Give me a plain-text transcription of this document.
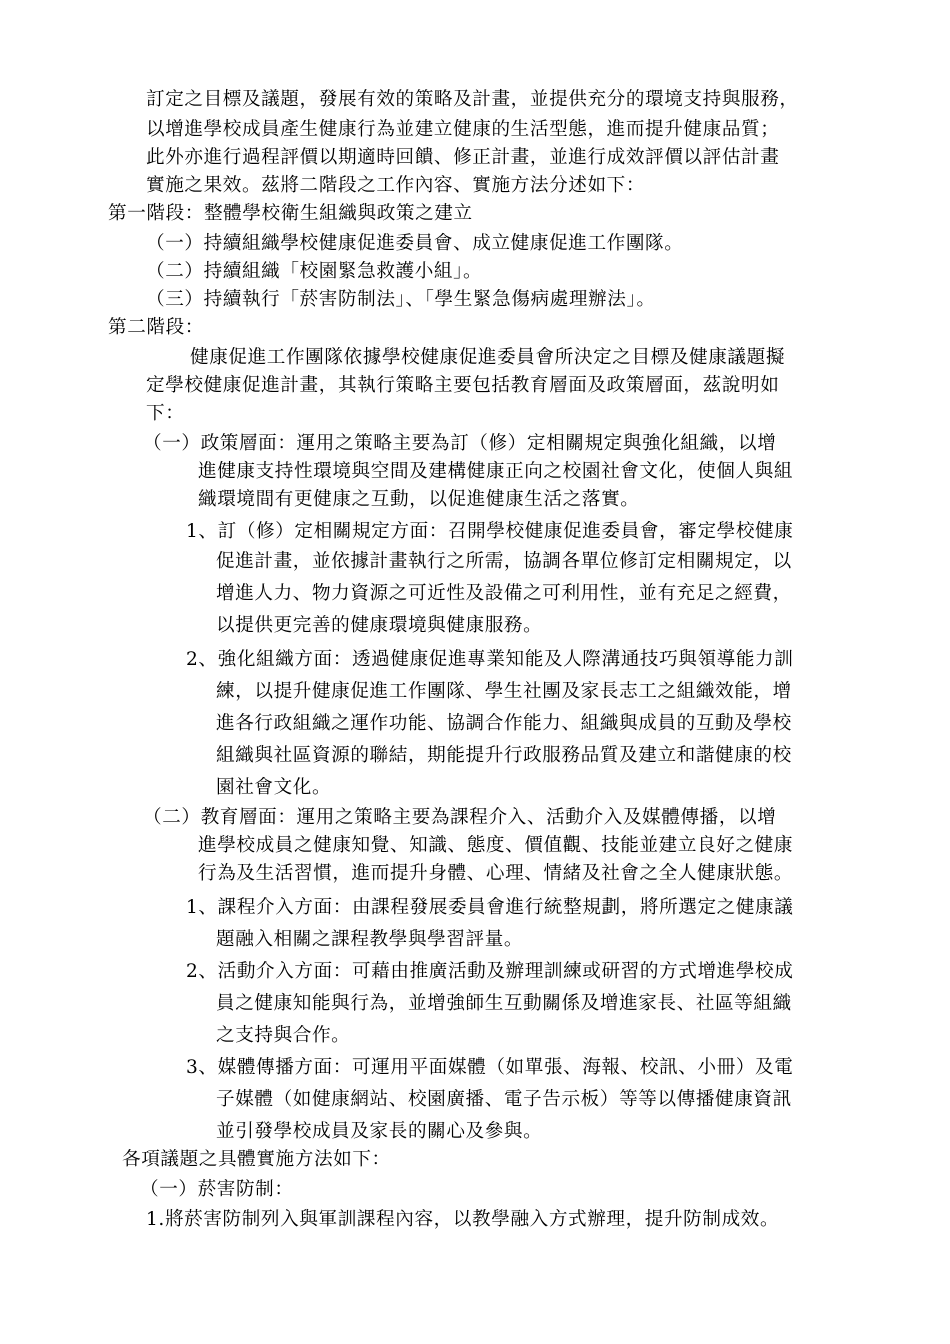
訂定之目標及議題，發展有效的策略及計畫，並提供充分的環境支持與服務，
以增進學校成員產生健康行為並建立健康的生活型態，進而提升健康品質；
此外亦進行過程評價以期適時回饋、修正計畫，並進行成效評價以評估計畫
實施之果效。茲將二階段之工作內容、實施方法分述如下：
第一階段：整體學校衛生組織與政策之建立
（一）持續組織學校健康促進委員會、成立健康促進工作團隊。
（二）持續組織「校園緊急救護小組」。
（三）持續執行「菸害防制法」、「學生緊急傷病處理辦法」。
第二階段：
健康促進工作團隊依據學校健康促進委員會所決定之目標及健康議題擬
定學校健康促進計畫，其執行策略主要包括教育層面及政策層面，茲說明如
下：
（一）政策層面：運用之策略主要為訂（修）定相關規定與強化組織，以增
進健康支持性環境與空間及建構健康正向之校園社會文化，使個人與組
織環境間有更健康之互動，以促進健康生活之落實。
1、訂（修）定相關規定方面：召開學校健康促進委員會，審定學校健康
促進計畫，並依據計畫執行之所需，協調各單位修訂定相關規定，以
增進人力、物力資源之可近性及設備之可利用性，並有充足之經費，
以提供更完善的健康環境與健康服務。
2、強化組織方面：透過健康促進專業知能及人際溝通技巧與領導能力訓
練，以提升健康促進工作團隊、學生社團及家長志工之組織效能，增
進各行政組織之運作功能、協調合作能力、組織與成員的互動及學校
組織與社區資源的聯結，期能提升行政服務品質及建立和諧健康的校
園社會文化。
（二）教育層面：運用之策略主要為課程介入、活動介入及媒體傳播，以增
進學校成員之健康知覺、知識、態度、價值觀、技能並建立良好之健康
行為及生活習慣，進而提升身體、心理、情緒及社會之全人健康狀態。
1、課程介入方面：由課程發展委員會進行統整規劃，將所選定之健康議
題融入相關之課程教學與學習評量。
2、活動介入方面：可藉由推廣活動及辦理訓練或研習的方式增進學校成
員之健康知能與行為，並增強師生互動關係及增進家長、社區等組織
之支持與合作。
3、媒體傳播方面：可運用平面媒體（如單張、海報、校訊、小冊）及電
子媒體（如健康網站、校園廣播、電子告示板）等等以傳播健康資訊
並引發學校成員及家長的關心及參與。
各項議題之具體實施方法如下：
（一）菸害防制：
1.將菸害防制列入與軍訓課程內容，以教學融入方式辦理，提升防制成效。
